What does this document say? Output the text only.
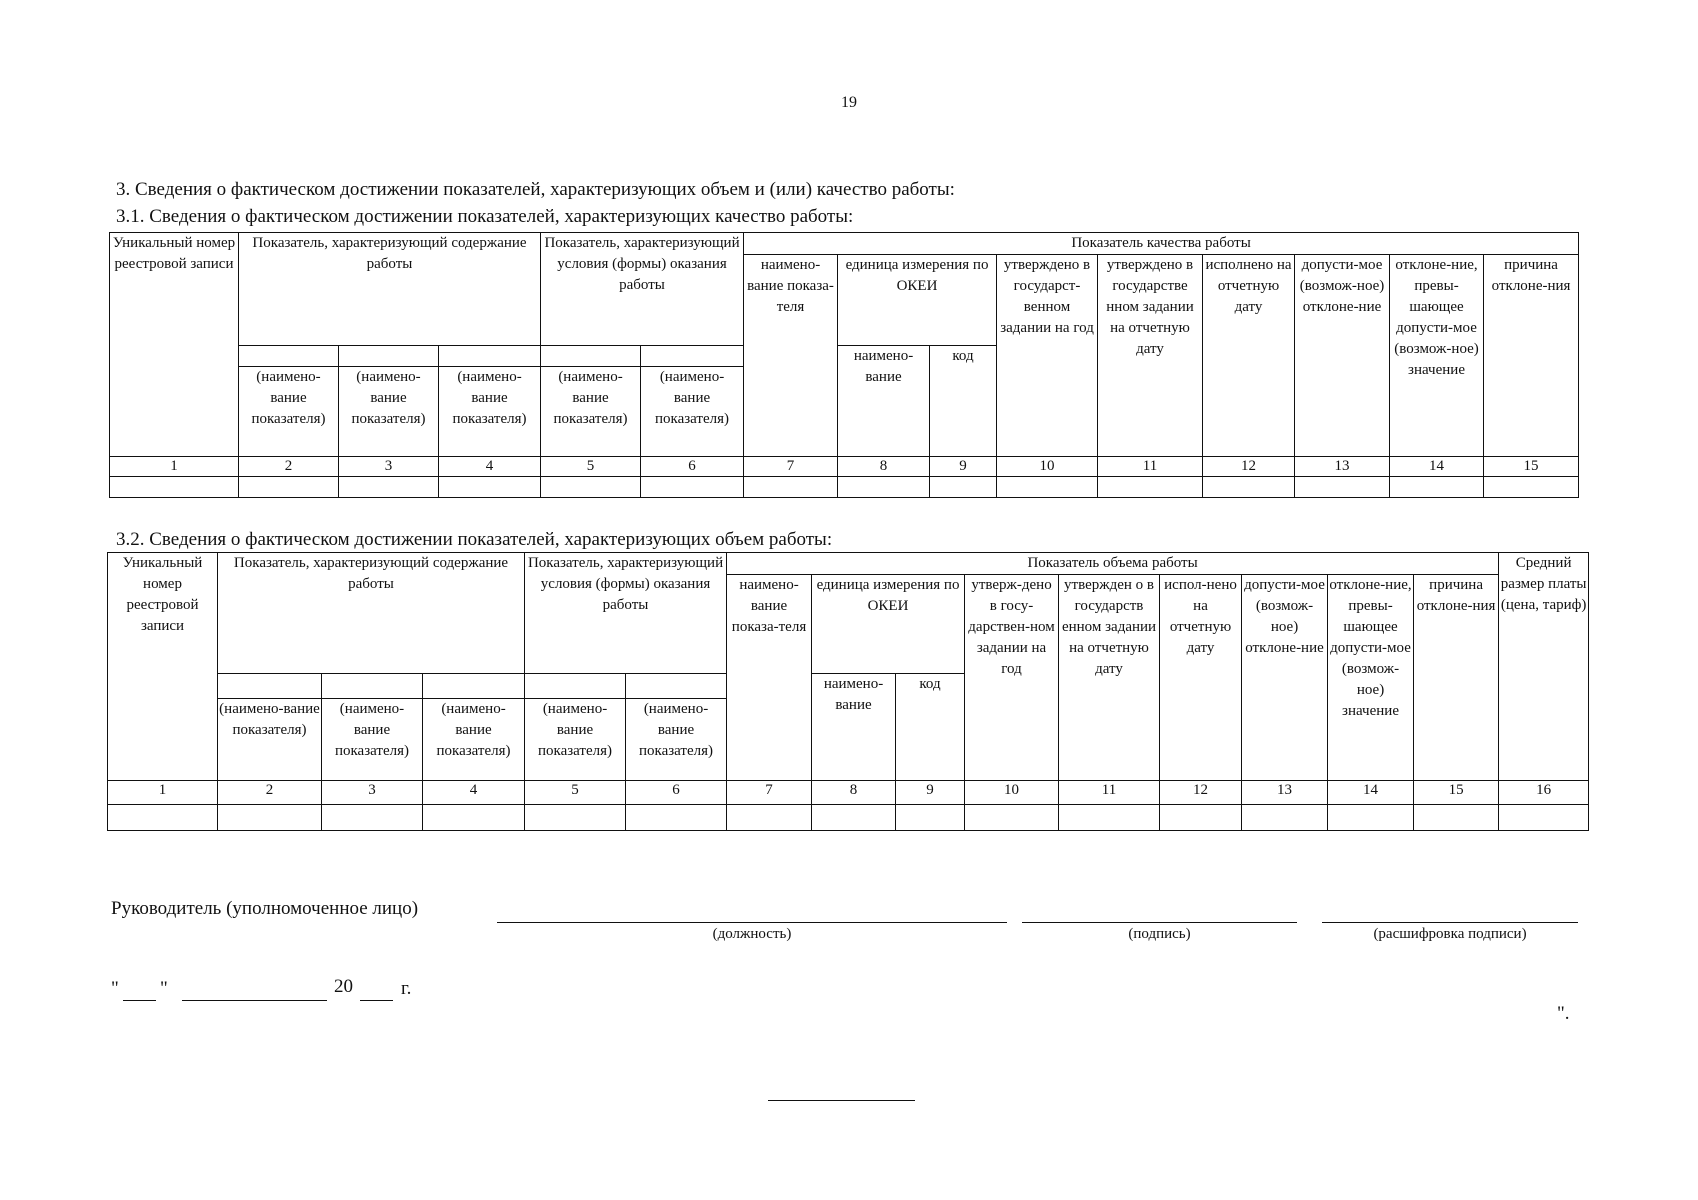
19
3. Сведения о фактическом достижении показателей, характеризующих объем и (или) качество работы:
3.1. Сведения о фактическом достижении показателей, характеризующих качество работы:
Уникальный номер реестровой записи	Показатель, характеризующий содержание работы			Показатель, характеризующий условия (формы) оказания работы		Показатель качества работы								
						наимено-вание показа-теля	единица измерения по ОКЕИ		утверждено в государст-венном задании на год	утверждено в государстве нном задании на отчетную дату	исполнено на отчетную дату	допусти-мое (возмож-ное) отклоне-ние	отклоне-ние, превы-шающее допусти-мое (возмож-ное) значение	причина отклоне-ния
							наимено-вание	код						
	(наимено-вание показателя)	(наимено-вание показателя)	(наимено-вание показателя)	(наимено-вание показателя)	(наимено-вание показателя)									
1	2	3	4	5	6	7	8	9	10	11	12	13	14	15

3.2. Сведения о фактическом достижении показателей, характеризующих объем работы:
Уникальный номер реестровой записи	Показатель, характеризующий содержание работы			Показатель, характеризующий условия (формы) оказания работы		Показатель объема работы									Средний размер платы (цена, тариф)
						наимено-вание показа-теля	единица измерения по ОКЕИ		утверж-дено в госу-дарствен-ном задании на год	утвержден о в государств енном задании на отчетную дату	испол-нено на отчетную дату	допусти-мое (возмож-ное) отклоне-ние	отклоне-ние, превы-шающее допусти-мое (возмож-ное) значение	причина отклоне-ния	
							наимено-вание	код							
	(наимено-вание показателя)	(наимено-вание показателя)	(наимено-вание показателя)	(наимено-вание показателя)	(наимено-вание показателя)										
1	2	3	4	5	6	7	8	9	10	11	12	13	14	15	16

Руководитель (уполномоченное лицо)
(должность)	(подпись)	(расшифровка подписи)
" "	20	г.
".
